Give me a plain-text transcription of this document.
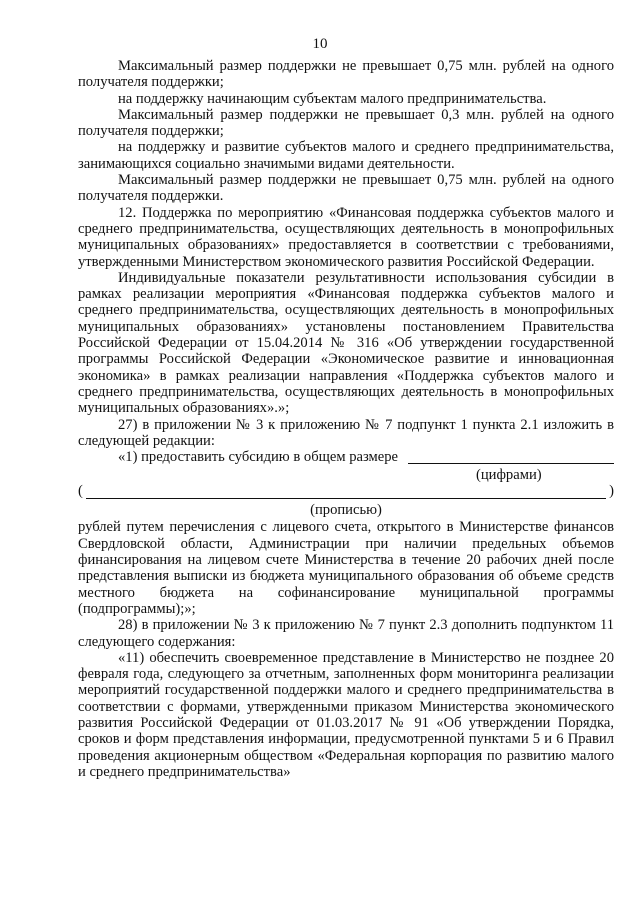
10

Максимальный размер поддержки не превышает 0,75 млн. рублей на одного получателя поддержки;

на поддержку начинающим субъектам малого предпринимательства.

Максимальный размер поддержки не превышает 0,3 млн. рублей на одного получателя поддержки;

на поддержку и развитие субъектов малого и среднего предпринимательства, занимающихся социально значимыми видами деятельности.

Максимальный размер поддержки не превышает 0,75 млн. рублей на одного получателя поддержки.

12. Поддержка по мероприятию «Финансовая поддержка субъектов малого и среднего предпринимательства, осуществляющих деятельность в монопрофильных муниципальных образованиях» предоставляется в соответствии с требованиями, утвержденными Министерством экономического развития Российской Федерации.

Индивидуальные показатели результативности использования субсидии в рамках реализации мероприятия «Финансовая поддержка субъектов малого и среднего предпринимательства, осуществляющих деятельность в монопрофильных муниципальных образованиях» установлены постановлением Правительства Российской Федерации от 15.04.2014 № 316 «Об утверждении государственной программы Российской Федерации «Экономическое развитие и инновационная экономика» в рамках реализации направления «Поддержка субъектов малого и среднего предпринимательства, осуществляющих деятельность в монопрофильных муниципальных образованиях».»;

27) в приложении № 3 к приложению № 7 подпункт 1 пункта 2.1 изложить в следующей редакции:

«1) предоставить субсидию в общем размере
(цифрами)
(	)
(прописью)

рублей путем перечисления с лицевого счета, открытого в Министерстве финансов Свердловской области, Администрации при наличии предельных объемов финансирования на лицевом счете Министерства в течение 20 рабочих дней после представления выписки из бюджета муниципального образования об объеме средств местного бюджета на софинансирование муниципальной программы (подпрограммы);»;

28) в приложении № 3 к приложению № 7 пункт 2.3 дополнить подпунктом 11 следующего содержания:

«11) обеспечить своевременное представление в Министерство не позднее 20 февраля года, следующего за отчетным, заполненных форм мониторинга реализации мероприятий государственной поддержки малого и среднего предпринимательства в соответствии с формами, утвержденными приказом Министерства экономического развития Российской Федерации от 01.03.2017 № 91 «Об утверждении Порядка, сроков и форм представления информации, предусмотренной пунктами 5 и 6 Правил проведения акционерным обществом «Федеральная корпорация по развитию малого и среднего предпринимательства»
